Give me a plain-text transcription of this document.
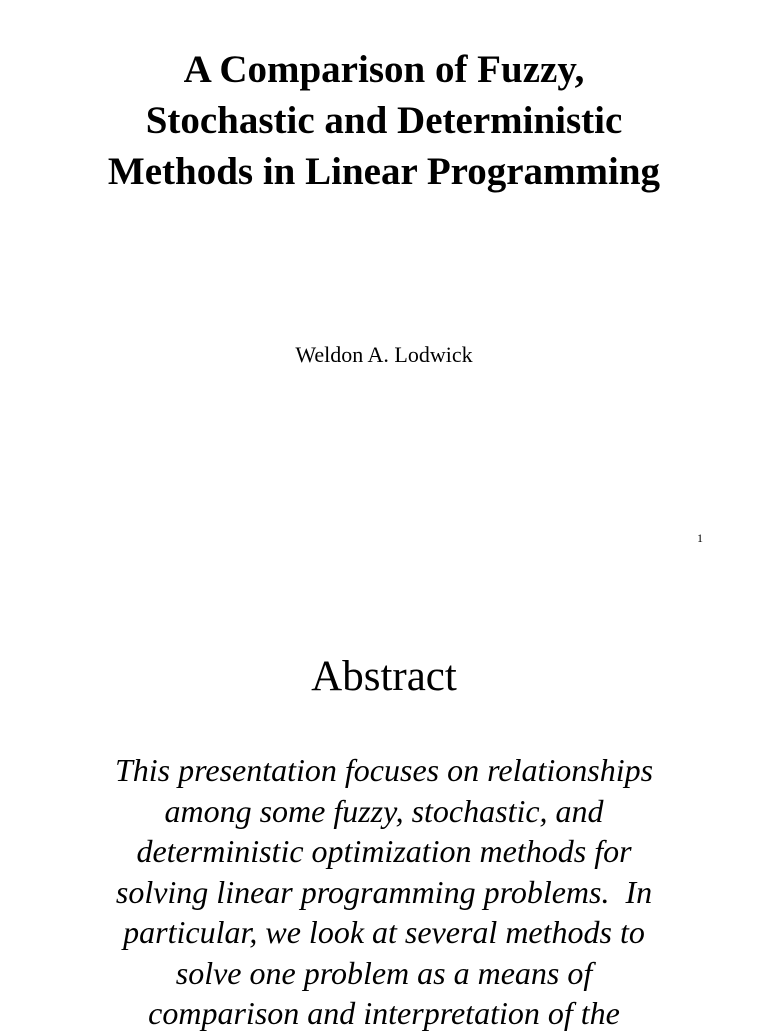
A Comparison of Fuzzy,
Stochastic and Deterministic
Methods in Linear Programming
Weldon A. Lodwick
1
Abstract
This presentation focuses on relationships
among some fuzzy, stochastic, and
deterministic optimization methods for
solving linear programming problems.  In
particular, we look at several methods to
solve one problem as a means of
comparison and interpretation of the
